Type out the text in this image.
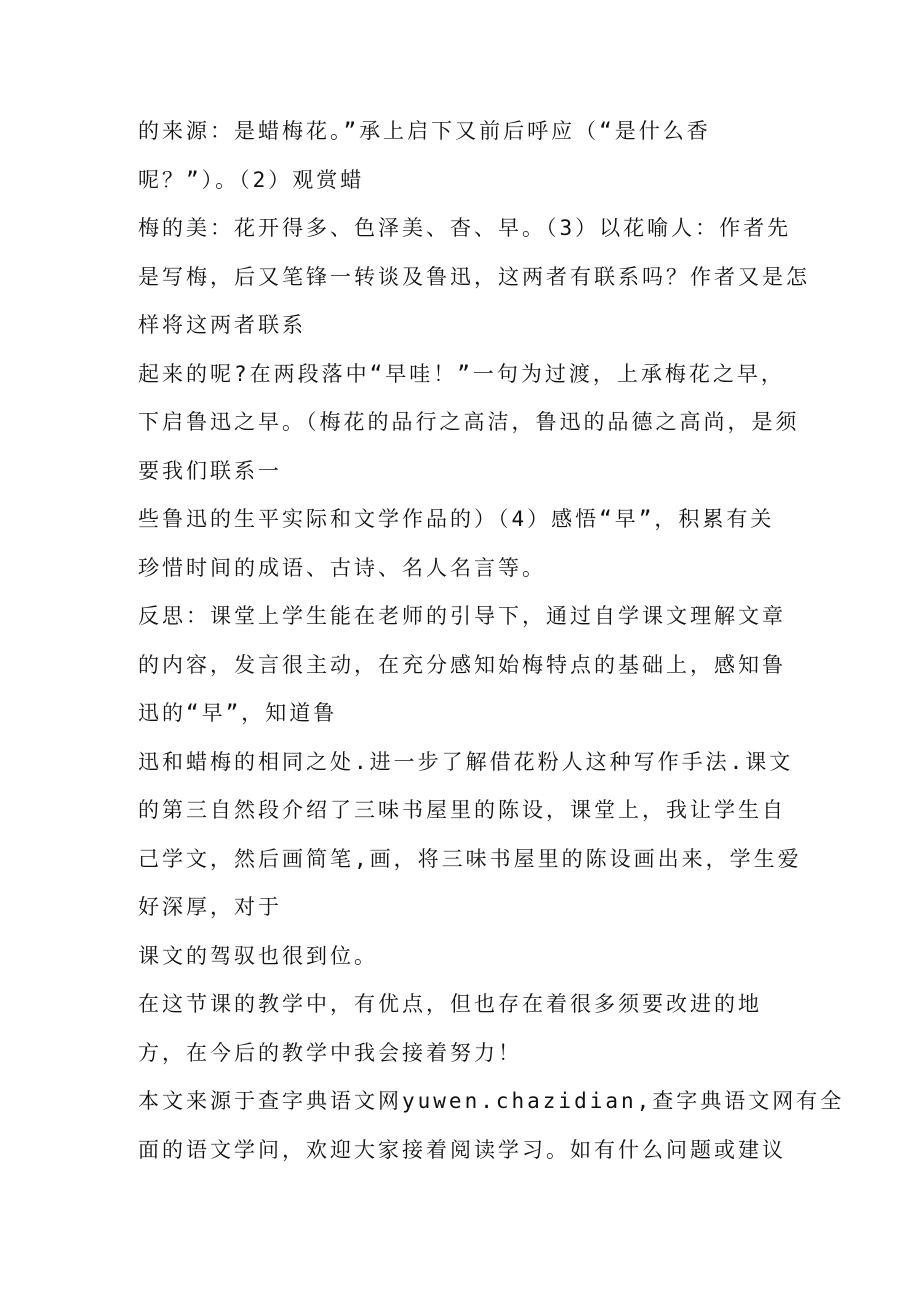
的来源：是蜡梅花。”承上启下又前后呼应（“是什么香
呢？”）。（2）观赏蜡
梅的美：花开得多、色泽美、杳、早。（3）以花喻人：作者先
是写梅，后又笔锋一转谈及鲁迅，这两者有联系吗？作者又是怎
样将这两者联系
起来的呢?在两段落中“早哇！”一句为过渡，上承梅花之早，
下启鲁迅之早。（梅花的品行之高洁，鲁迅的品德之高尚，是须
要我们联系一
些鲁迅的生平实际和文学作品的）（4）感悟“早”，积累有关
珍惜时间的成语、古诗、名人名言等。
反思：课堂上学生能在老师的引导下，通过自学课文理解文章
的内容，发言很主动，在充分感知始梅特点的基础上，感知鲁
迅的“早”，知道鲁
迅和蜡梅的相同之处.进一步了解借花粉人这种写作手法.课文
的第三自然段介绍了三味书屋里的陈设，课堂上，我让学生自
己学文，然后画简笔,画，将三味书屋里的陈设画出来，学生爱
好深厚，对于
课文的驾驭也很到位。
在这节课的教学中，有优点，但也存在着很多须要改进的地
方，在今后的教学中我会接着努力！
本文来源于查字典语文网yuwen.chazidian,查字典语文网有全
面的语文学问，欢迎大家接着阅读学习。如有什么问题或建议
